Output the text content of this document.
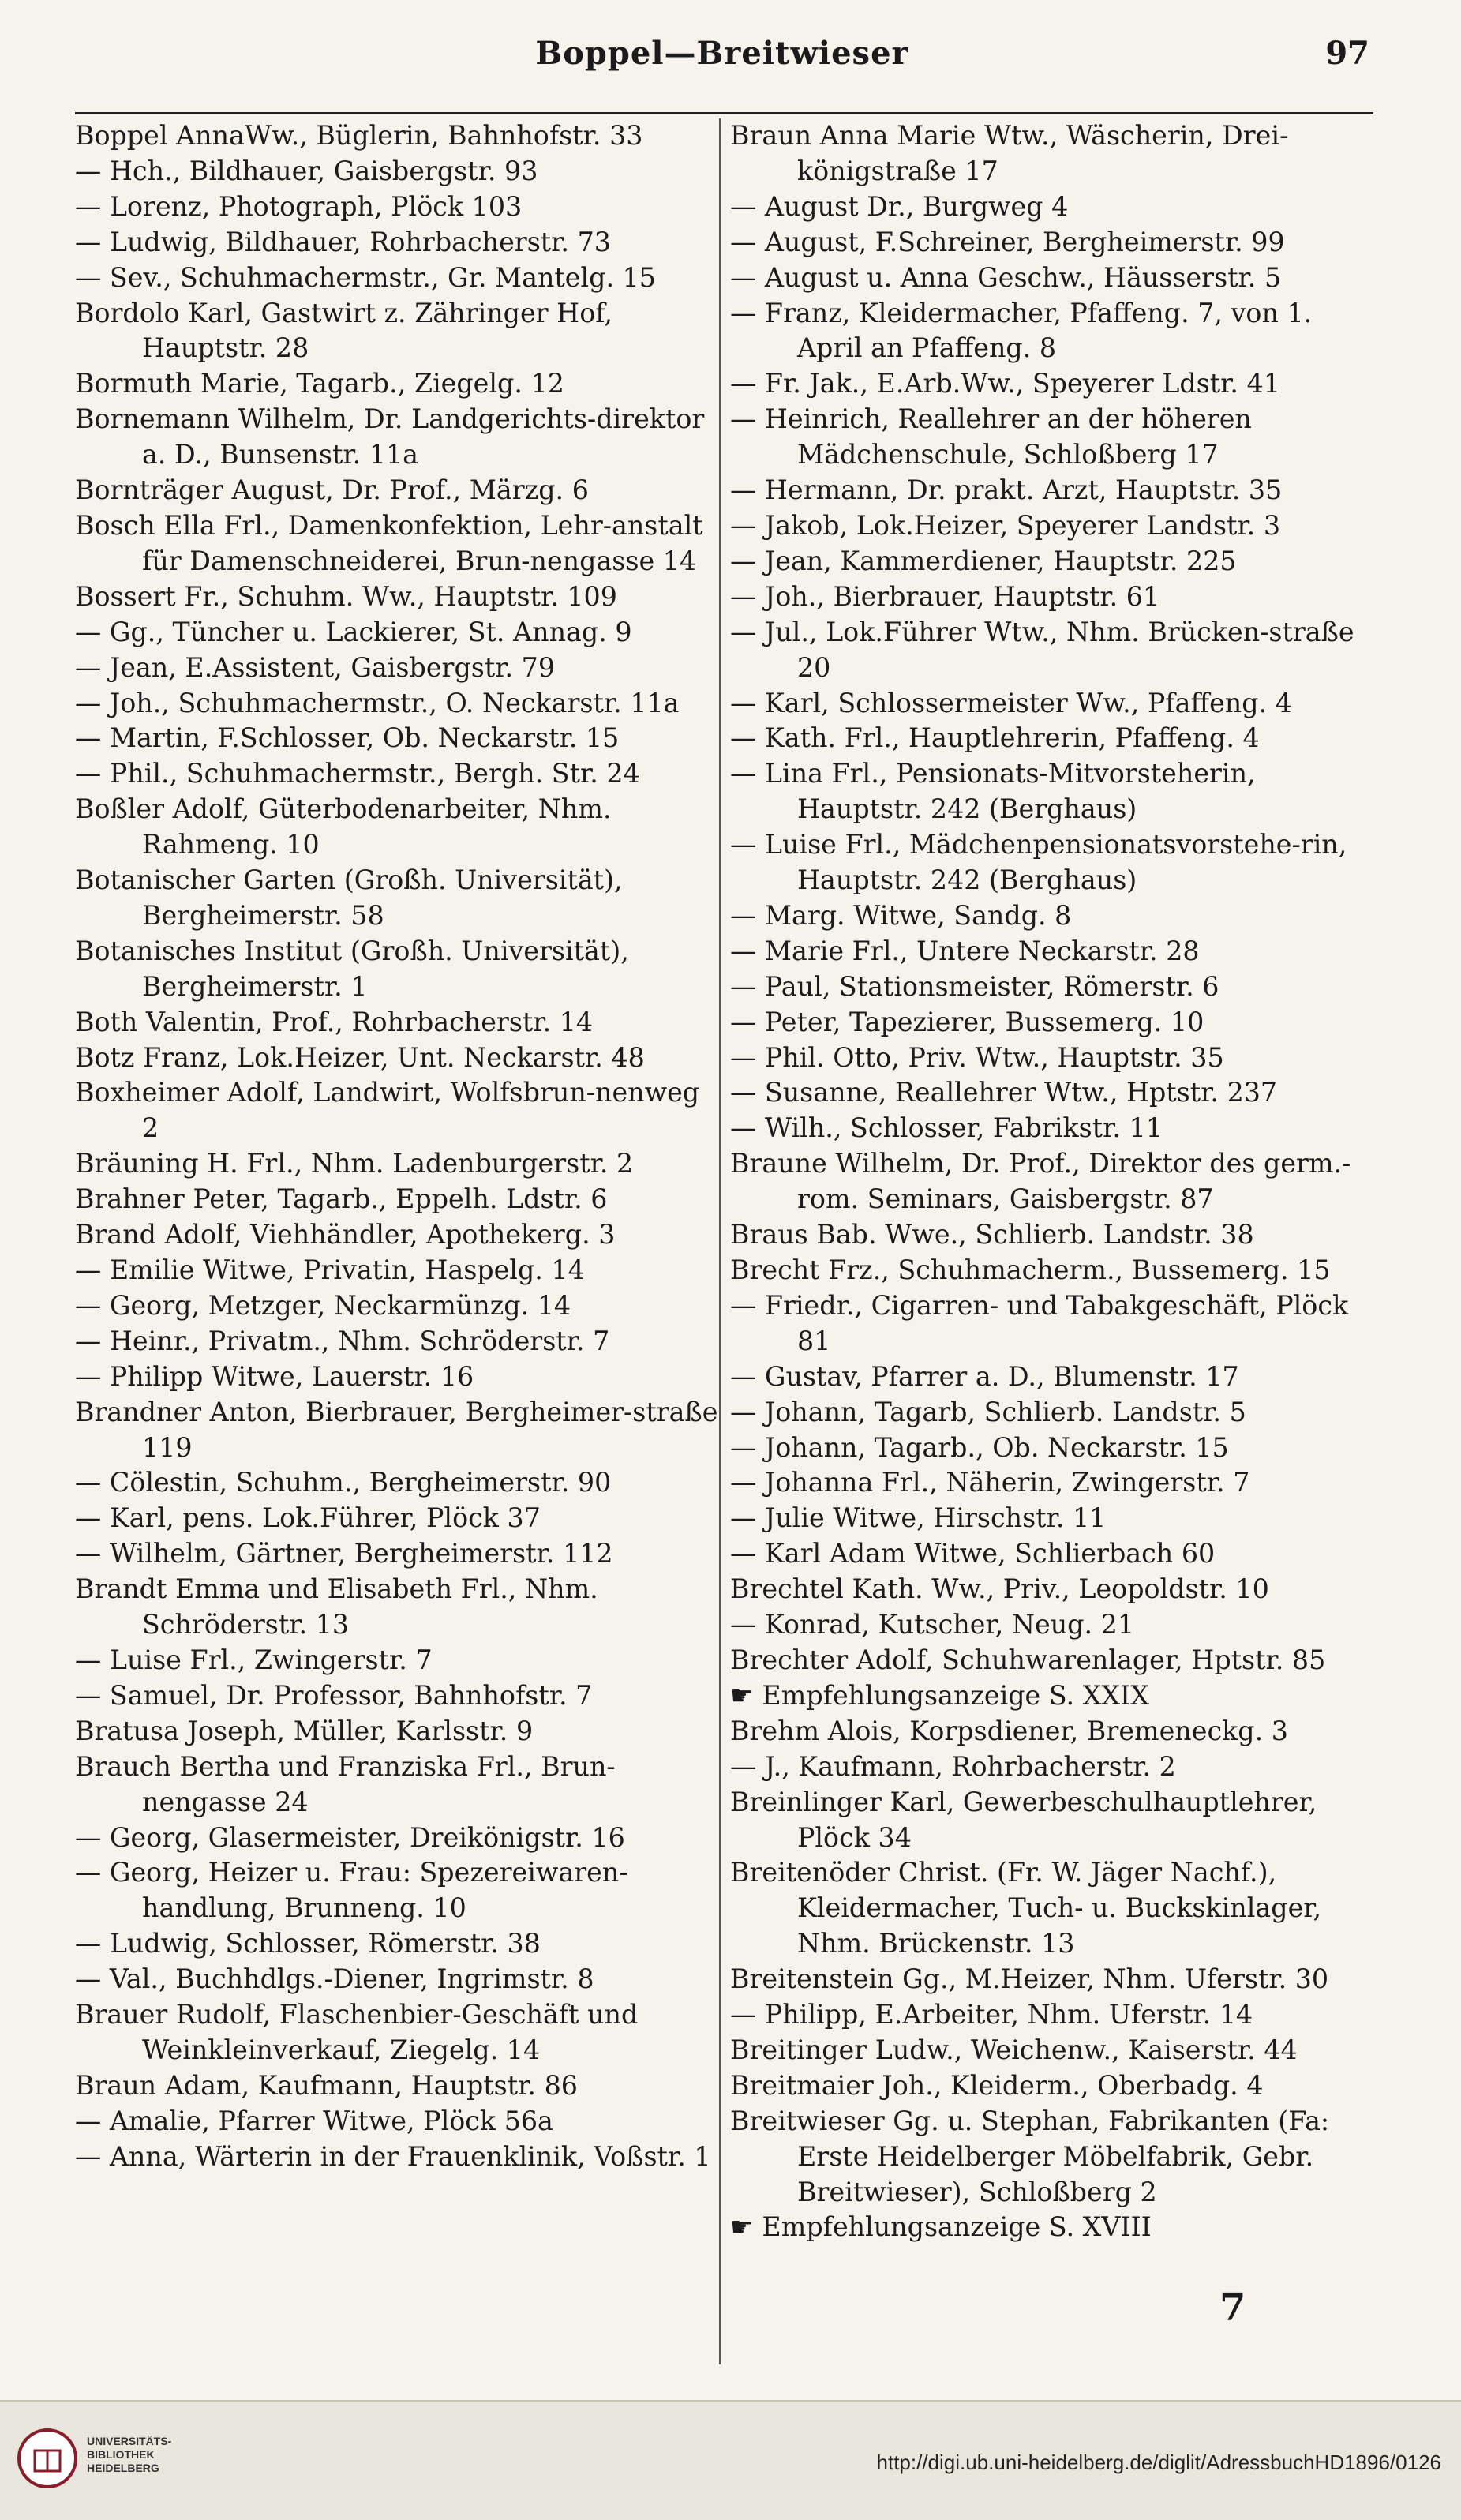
Boppel—Breitwieser	97

Boppel AnnaWw., Büglerin, Bahnhofstr. 33

— Hch., Bildhauer, Gaisbergstr. 93

— Lorenz, Photograph, Plöck 103

— Ludwig, Bildhauer, Rohrbacherstr. 73

— Sev., Schuhmachermstr., Gr. Mantelg. 15

Bordolo Karl, Gastwirt z. Zähringer Hof, Hauptstr. 28

Bormuth Marie, Tagarb., Ziegelg. 12

Bornemann Wilhelm, Dr. Landgerichts-direktor a. D., Bunsenstr. 11a

Bornträger August, Dr. Prof., Märzg. 6

Bosch Ella Frl., Damenkonfektion, Lehr-anstalt für Damenschneiderei, Brun-nengasse 14

Bossert Fr., Schuhm. Ww., Hauptstr. 109

— Gg., Tüncher u. Lackierer, St. Annag. 9

— Jean, E.Assistent, Gaisbergstr. 79

— Joh., Schuhmachermstr., O. Neckarstr. 11a

— Martin, F.Schlosser, Ob. Neckarstr. 15

— Phil., Schuhmachermstr., Bergh. Str. 24

Boßler Adolf, Güterbodenarbeiter, Nhm. Rahmeng. 10

Botanischer Garten (Großh. Universität), Bergheimerstr. 58

Botanisches Institut (Großh. Universität), Bergheimerstr. 1

Both Valentin, Prof., Rohrbacherstr. 14

Botz Franz, Lok.Heizer, Unt. Neckarstr. 48

Boxheimer Adolf, Landwirt, Wolfsbrun-nenweg 2

Bräuning H. Frl., Nhm. Ladenburgerstr. 2

Brahner Peter, Tagarb., Eppelh. Ldstr. 6

Brand Adolf, Viehhändler, Apothekerg. 3

— Emilie Witwe, Privatin, Haspelg. 14

— Georg, Metzger, Neckarmünzg. 14

— Heinr., Privatm., Nhm. Schröderstr. 7

— Philipp Witwe, Lauerstr. 16

Brandner Anton, Bierbrauer, Bergheimer-straße 119

— Cölestin, Schuhm., Bergheimerstr. 90

— Karl, pens. Lok.Führer, Plöck 37

— Wilhelm, Gärtner, Bergheimerstr. 112

Brandt Emma und Elisabeth Frl., Nhm. Schröderstr. 13

— Luise Frl., Zwingerstr. 7

— Samuel, Dr. Professor, Bahnhofstr. 7

Bratusa Joseph, Müller, Karlsstr. 9

Brauch Bertha und Franziska Frl., Brun-nengasse 24

— Georg, Glasermeister, Dreikönigstr. 16

— Georg, Heizer u. Frau: Spezereiwaren-handlung, Brunneng. 10

— Ludwig, Schlosser, Römerstr. 38

— Val., Buchhdlgs.-Diener, Ingrimstr. 8

Brauer Rudolf, Flaschenbier-Geschäft und Weinkleinverkauf, Ziegelg. 14

Braun Adam, Kaufmann, Hauptstr. 86

— Amalie, Pfarrer Witwe, Plöck 56a

— Anna, Wärterin in der Frauenklinik, Voßstr. 1

Braun Anna Marie Wtw., Wäscherin, Drei-königstraße 17

— August Dr., Burgweg 4

— August, F.Schreiner, Bergheimerstr. 99

— August u. Anna Geschw., Häusserstr. 5

— Franz, Kleidermacher, Pfaffeng. 7, von 1. April an Pfaffeng. 8

— Fr. Jak., E.Arb.Ww., Speyerer Ldstr. 41

— Heinrich, Reallehrer an der höheren Mädchenschule, Schloßberg 17

— Hermann, Dr. prakt. Arzt, Hauptstr. 35

— Jakob, Lok.Heizer, Speyerer Landstr. 3

— Jean, Kammerdiener, Hauptstr. 225

— Joh., Bierbrauer, Hauptstr. 61

— Jul., Lok.Führer Wtw., Nhm. Brücken-straße 20

— Karl, Schlossermeister Ww., Pfaffeng. 4

— Kath. Frl., Hauptlehrerin, Pfaffeng. 4

— Lina Frl., Pensionats-Mitvorsteherin, Hauptstr. 242 (Berghaus)

— Luise Frl., Mädchenpensionatsvorstehe-rin, Hauptstr. 242 (Berghaus)

— Marg. Witwe, Sandg. 8

— Marie Frl., Untere Neckarstr. 28

— Paul, Stationsmeister, Römerstr. 6

— Peter, Tapezierer, Bussemerg. 10

— Phil. Otto, Priv. Wtw., Hauptstr. 35

— Susanne, Reallehrer Wtw., Hptstr. 237

— Wilh., Schlosser, Fabrikstr. 11

Braune Wilhelm, Dr. Prof., Direktor des germ.-rom. Seminars, Gaisbergstr. 87

Braus Bab. Wwe., Schlierb. Landstr. 38

Brecht Frz., Schuhmacherm., Bussemerg. 15

— Friedr., Cigarren- und Tabakgeschäft, Plöck 81

— Gustav, Pfarrer a. D., Blumenstr. 17

— Johann, Tagarb, Schlierb. Landstr. 5

— Johann, Tagarb., Ob. Neckarstr. 15

— Johanna Frl., Näherin, Zwingerstr. 7

— Julie Witwe, Hirschstr. 11

— Karl Adam Witwe, Schlierbach 60

Brechtel Kath. Ww., Priv., Leopoldstr. 10

— Konrad, Kutscher, Neug. 21

Brechter Adolf, Schuhwarenlager, Hptstr. 85

☛ Empfehlungsanzeige S. XXIX

Brehm Alois, Korpsdiener, Bremeneckg. 3

— J., Kaufmann, Rohrbacherstr. 2

Breinlinger Karl, Gewerbeschulhauptlehrer, Plöck 34

Breitenöder Christ. (Fr. W. Jäger Nachf.), Kleidermacher, Tuch- u. Buckskinlager, Nhm. Brückenstr. 13

Breitenstein Gg., M.Heizer, Nhm. Uferstr. 30

— Philipp, E.Arbeiter, Nhm. Uferstr. 14

Breitinger Ludw., Weichenw., Kaiserstr. 44

Breitmaier Joh., Kleiderm., Oberbadg. 4

Breitwieser Gg. u. Stephan, Fabrikanten (Fa: Erste Heidelberger Möbelfabrik, Gebr. Breitwieser), Schloßberg 2

☛ Empfehlungsanzeige S. XVIII

7
UNIVERSITÄTS-
BIBLIOTHEK
HEIDELBERG	http://digi.ub.uni-heidelberg.de/diglit/AdressbuchHD1896/0126
